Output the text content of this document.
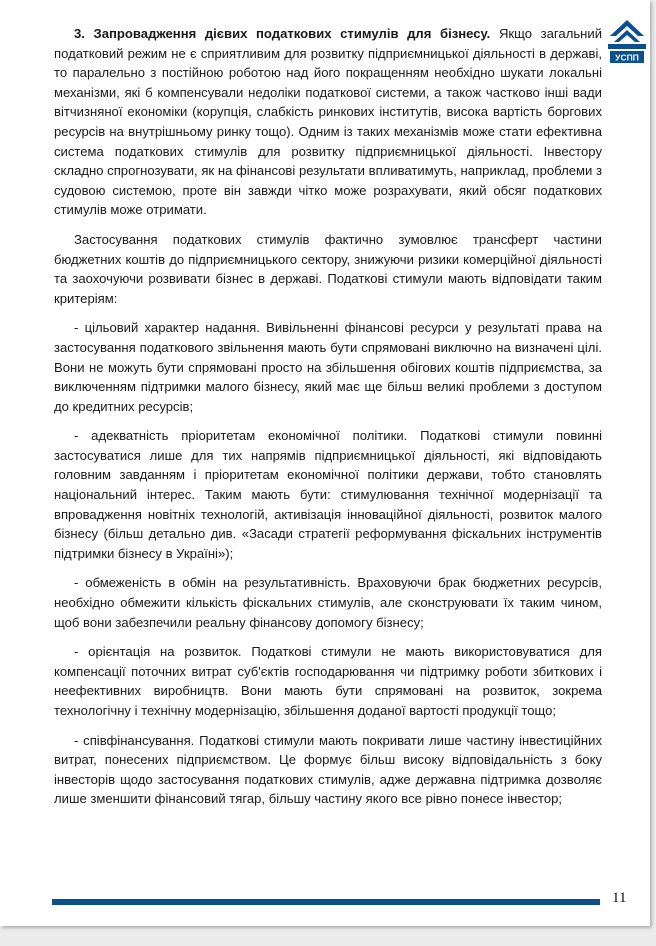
УСПП

3. Запровадження дієвих податкових стимулів для бізнесу. Якщо загальний податковий режим не є сприятливим для розвитку підприємницької діяльності в державі, то паралельно з постійною роботою над його покращенням необхідно шукати локальні механізми, які б компенсували недоліки податкової системи, а також частково інші вади вітчизняної економіки (корупція, слабкість ринкових інститутів, висока вартість боргових ресурсів на внутрішньому ринку тощо). Одним із таких механізмів може стати ефективна система податкових стимулів для розвитку підприємницької діяльності. Інвестору складно спрогнозувати, як на фінансові результати впливатимуть, наприклад, проблеми з судовою системою, проте він завжди чітко може розрахувати, який обсяг податкових стимулів може отримати.

Застосування податкових стимулів фактично зумовлює трансферт частини бюджетних коштів до підприємницького сектору, знижуючи ризики комерційної діяльності та заохочуючи розвивати бізнес в державі. Податкові стимули мають відповідати таким критеріям:

- цільовий характер надання. Вивільненні фінансові ресурси у результаті права на застосування податкового звільнення мають бути спрямовані виключно на визначені цілі. Вони не можуть бути спрямовані просто на збільшення обігових коштів підприємства, за виключенням підтримки малого бізнесу, який має ще більш великі проблеми з доступом до кредитних ресурсів;

- адекватність пріоритетам економічної політики. Податкові стимули повинні застосуватися лише для тих напрямів підприємницької діяльності, які відповідають головним завданням і пріоритетам економічної політики держави, тобто становлять національний інтерес. Таким мають бути: стимулювання технічної модернізації та впровадження новітніх технологій, активізація інноваційної діяльності, розвиток малого бізнесу (більш детально див. «Засади стратегії реформування фіскальних інструментів підтримки бізнесу в Україні»);

- обмеженість в обмін на результативність. Враховуючи брак бюджетних ресурсів, необхідно обмежити кількість фіскальних стимулів, але сконструювати їх таким чином, щоб вони забезпечили реальну фінансову допомогу бізнесу;

- орієнтація на розвиток. Податкові стимули не мають використовуватися для компенсації поточних витрат суб'єктів господарювання чи підтримку роботи збиткових і неефективних виробництв. Вони мають бути спрямовані на розвиток, зокрема технологічну і технічну модернізацію, збільшення доданої вартості продукції тощо;

- співфінансування. Податкові стимули мають покривати лише частину інвестиційних витрат, понесених підприємством. Це формує більш високу відповідальність з боку інвесторів щодо застосування податкових стимулів, адже державна підтримка дозволяє лише зменшити фінансовий тягар, більшу частину якого все рівно понесе інвестор;

11
